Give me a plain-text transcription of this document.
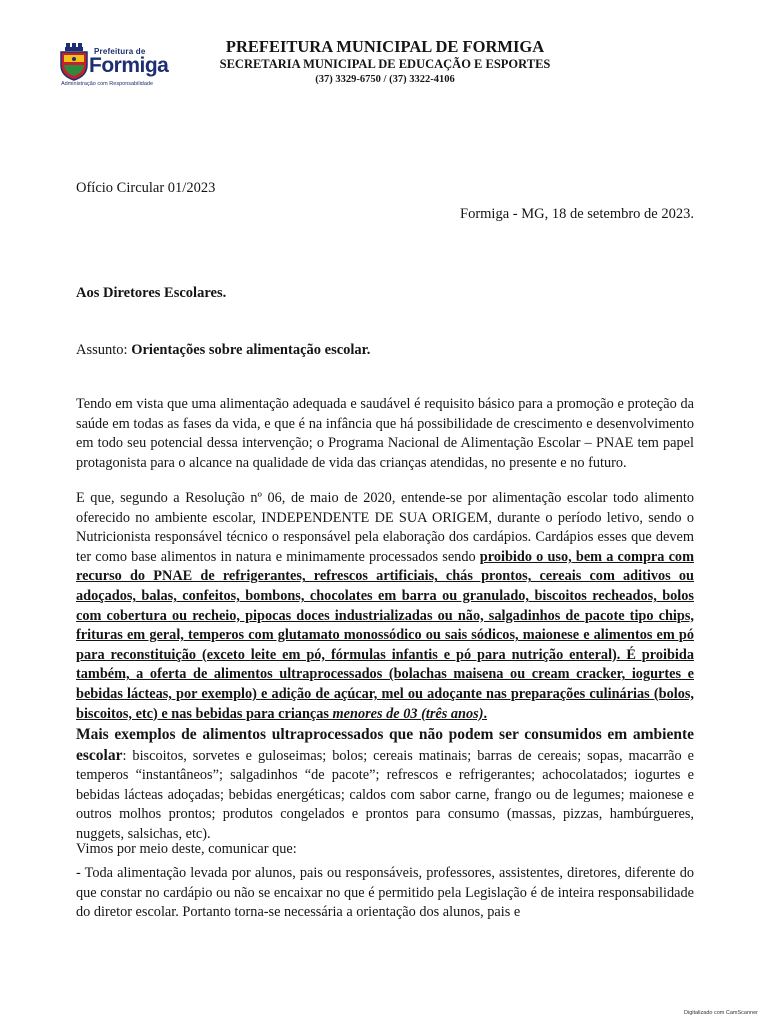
Prefeitura de
Formiga
Administração com Responsabilidade
PREFEITURA MUNICIPAL DE FORMIGA
SECRETARIA MUNICIPAL DE EDUCAÇÃO E ESPORTES
(37) 3329-6750 / (37) 3322-4106
Ofício Circular 01/2023
Formiga - MG, 18 de setembro de 2023.
Aos Diretores Escolares.
Assunto: Orientações sobre alimentação escolar.
Tendo em vista que uma alimentação adequada e saudável é requisito básico para a promoção e proteção da saúde em todas as fases da vida, e que é na infância que há possibilidade de crescimento e desenvolvimento em todo seu potencial dessa intervenção; o Programa Nacional de Alimentação Escolar – PNAE tem papel protagonista para o alcance na qualidade de vida das crianças atendidas, no presente e no futuro.
E que, segundo a Resolução nº 06, de maio de 2020, entende-se por alimentação escolar todo alimento oferecido no ambiente escolar, INDEPENDENTE DE SUA ORIGEM, durante o período letivo, sendo o Nutricionista responsável técnico o responsável pela elaboração dos cardápios. Cardápios esses que devem ter como base alimentos in natura e minimamente processados sendo proibido o uso, bem a compra com recurso do PNAE de refrigerantes, refrescos artificiais, chás prontos, cereais com aditivos ou adoçados, balas, confeitos, bombons, chocolates em barra ou granulado, biscoitos recheados, bolos com cobertura ou recheio, pipocas doces industrializadas ou não, salgadinhos de pacote tipo chips, frituras em geral, temperos com glutamato monossódico ou sais sódicos, maionese e alimentos em pó para reconstituição (exceto leite em pó, fórmulas infantis e pó para nutrição enteral). É proibida também, a oferta de alimentos ultraprocessados (bolachas maisena ou cream cracker, iogurtes e bebidas lácteas, por exemplo) e adição de açúcar, mel ou adoçante nas preparações culinárias (bolos, biscoitos, etc) e nas bebidas para crianças menores de 03 (três anos).
Mais exemplos de alimentos ultraprocessados que não podem ser consumidos em ambiente escolar: biscoitos, sorvetes e guloseimas; bolos; cereais matinais; barras de cereais; sopas, macarrão e temperos “instantâneos”; salgadinhos “de pacote”; refrescos e refrigerantes; achocolatados; iogurtes e bebidas lácteas adoçadas; bebidas energéticas; caldos com sabor carne, frango ou de legumes; maionese e outros molhos prontos; produtos congelados e prontos para consumo (massas, pizzas, hambúrgueres, nuggets, salsichas, etc).
Vimos por meio deste, comunicar que:
- Toda alimentação levada por alunos, pais ou responsáveis, professores, assistentes, diretores, diferente do que constar no cardápio ou não se encaixar no que é permitido pela Legislação é de inteira responsabilidade do diretor escolar. Portanto torna-se necessária a orientação dos alunos, pais e
Digitalizado com CamScanner
